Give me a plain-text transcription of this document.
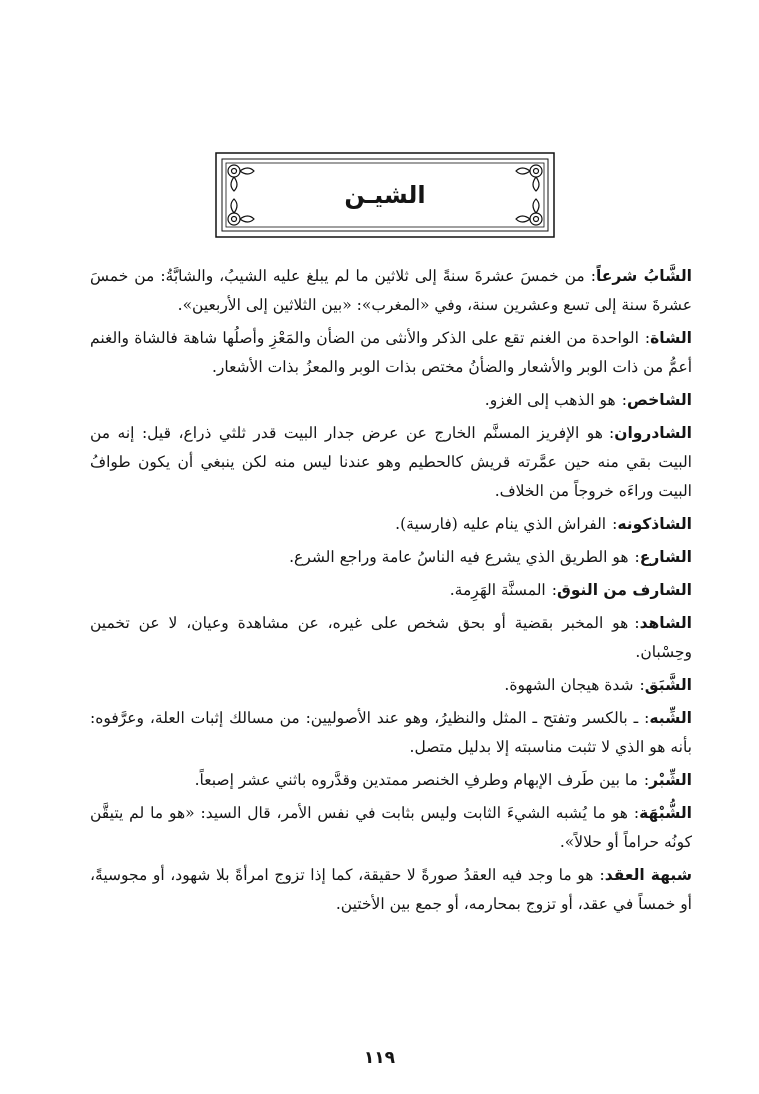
الشيـن

الشَّابُ شرعاً:من خمسَ عشرةَ سنةً إلى ثلاثين ما لم يبلغ عليه الشيبُ، والشابَّةُ: من خمسَ عشرةَ سنة إلى تسع وعشرين سنة، وفي «المغرب»: «بين الثلاثين إلى الأربعين».

الشاة:الواحدة من الغنم تقع على الذكر والأنثى من الضأن والمَعْزِ وأصلُها شاهة فالشاة والغنم أعمُّ من ذات الوبر والأشعار والضأنُ مختص بذات الوبر والمعزُ بذات الأشعار.

الشاخص:هو الذهب إلى الغزو.

الشادروان:هو الإفريز المسنَّم الخارج عن عرض جدار البيت قدر ثلثي ذراع، قيل: إنه من البيت بقي منه حين عمَّرته قريش كالحطيم وهو عندنا ليس منه لكن ينبغي أن يكون طوافُ البيت وراءَه خروجاً من الخلاف.

الشاذكونه:الفراش الذي ينام عليه (فارسية).

الشارع:هو الطريق الذي يشرع فيه الناسُ عامة وراجع الشرع.

الشارف من النوق:المسنَّة الهَرِمة.

الشاهد:هو المخبر بقضية أو بحق شخص على غيره، عن مشاهدة وعيان، لا عن تخمين وحِسْبان.

الشَّبَق:شدة هيجان الشهوة.

الشِّبه:ـ بالكسر وتفتح ـ المثل والنظيرُ، وهو عند الأصوليين: من مسالك إثبات العلة، وعرَّفوه: بأنه هو الذي لا تثبت مناسبته إلا بدليل متصل.

الشِّبْر:ما بين طَرف الإبهام وطرفِ الخنصر ممتدين وقدَّروه باثني عشر إصبعاً.

الشُّبْهَة:هو ما يُشبه الشيءَ الثابت وليس بثابت في نفس الأمر، قال السيد: «هو ما لم يتيقَّن كونُه حراماً أو حلالاً».

شبهة العقد:هو ما وجد فيه العقدُ صورةً لا حقيقة، كما إذا تزوج امرأةً بلا شهود، أو مجوسيةً، أو خمساً في عقد، أو تزوج بمحارمه، أو جمع بين الأختين.

١١٩
